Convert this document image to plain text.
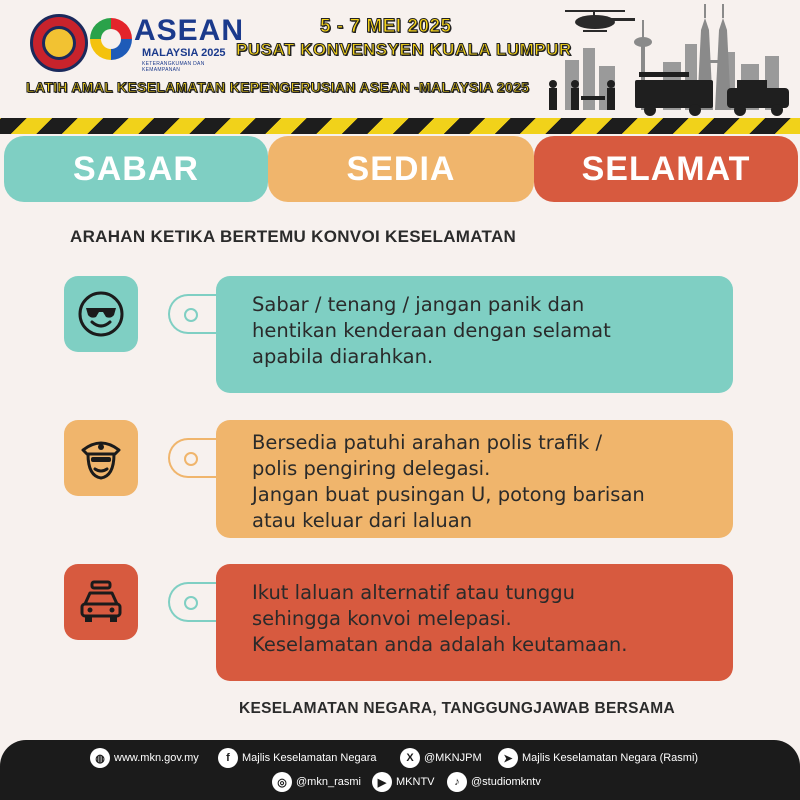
ASEAN
MALAYSIA 2025
KETERANGKUMAN DAN KEMAMPANAN
5 - 7 MEI 2025
PUSAT KONVENSYEN KUALA LUMPUR
LATIH AMAL KESELAMATAN KEPENGERUSIAN ASEAN -MALAYSIA 2025
SABAR	SEDIA	SELAMAT
ARAHAN KETIKA BERTEMU KONVOI KESELAMATAN

Sabar / tenang / jangan panik dan
hentikan kenderaan dengan selamat
apabila diarahkan.

Bersedia patuhi arahan polis trafik /
polis pengiring delegasi.
Jangan buat pusingan U, potong barisan
atau keluar dari laluan

Ikut laluan alternatif atau tunggu
sehingga konvoi melepasi.
Keselamatan anda adalah keutamaan.

KESELAMATAN NEGARA, TANGGUNGJAWAB BERSAMA
◍ www.mkn.gov.my	f	Majlis Keselamatan Negara	X @MKNJPM	➤ Majlis Keselamatan Negara (Rasmi)
◎ @mkn_rasmi	▶ MKNTV	♪	@studiomkntv
